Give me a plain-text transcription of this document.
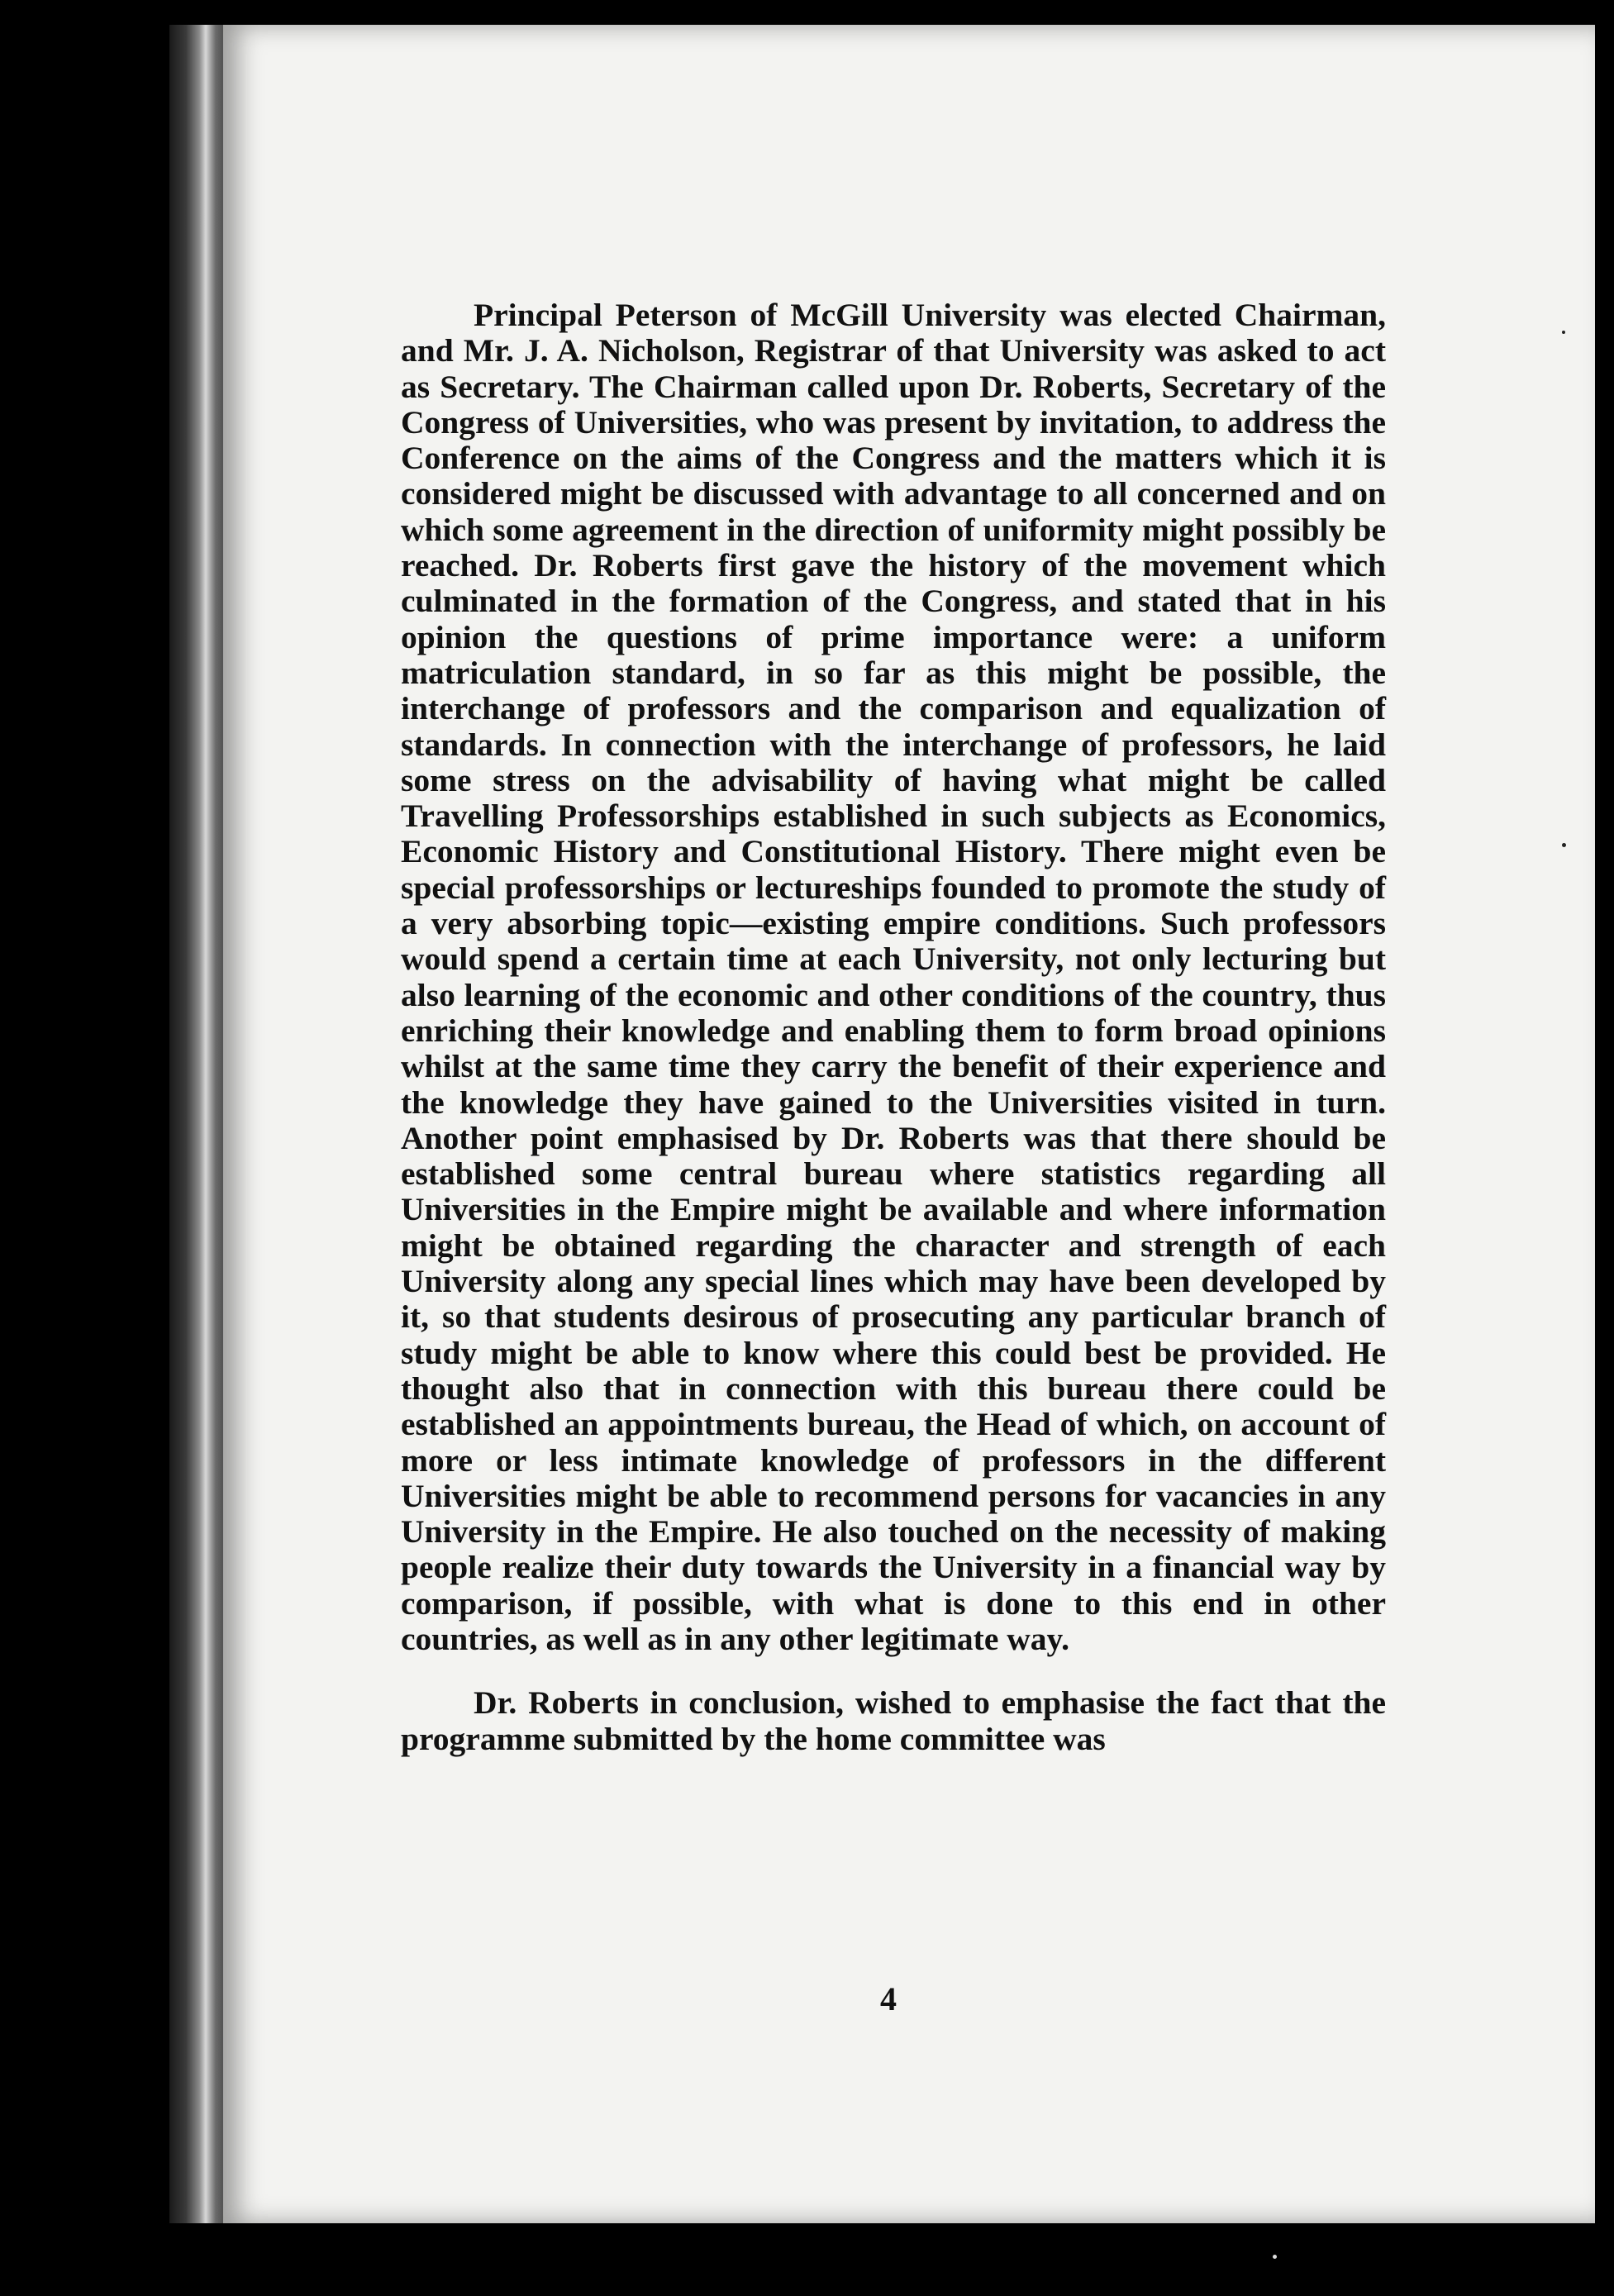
Principal Peterson of McGill University was elected Chairman, and Mr. J. A. Nicholson, Registrar of that University was asked to act as Secretary. The Chairman called upon Dr. Roberts, Secretary of the Congress of Universities, who was present by invitation, to address the Conference on the aims of the Congress and the matters which it is considered might be discussed with advantage to all concerned and on which some agreement in the direction of uniformity might possibly be reached. Dr. Roberts first gave the history of the movement which culminated in the formation of the Congress, and stated that in his opinion the questions of prime importance were: a uniform matriculation standard, in so far as this might be possible, the interchange of professors and the comparison and equalization of standards. In connection with the interchange of professors, he laid some stress on the advisability of having what might be called Travelling Professorships established in such subjects as Economics, Economic History and Constitutional History. There might even be special professorships or lectureships founded to promote the study of a very absorbing topic—existing empire conditions. Such professors would spend a certain time at each University, not only lecturing but also learning of the economic and other conditions of the country, thus enriching their knowledge and enabling them to form broad opinions whilst at the same time they carry the benefit of their experience and the knowledge they have gained to the Universities visited in turn. Another point emphasised by Dr. Roberts was that there should be established some central bureau where statistics regarding all Universities in the Empire might be available and where information might be obtained regarding the character and strength of each University along any special lines which may have been developed by it, so that students desirous of prosecuting any particular branch of study might be able to know where this could best be provided. He thought also that in connection with this bureau there could be established an appointments bureau, the Head of which, on account of more or less intimate knowledge of professors in the different Universities might be able to recommend persons for vacancies in any University in the Empire. He also touched on the necessity of making people realize their duty towards the University in a financial way by comparison, if possible, with what is done to this end in other countries, as well as in any other legitimate way.

Dr. Roberts in conclusion, wished to emphasise the fact that the programme submitted by the home committee was

4
